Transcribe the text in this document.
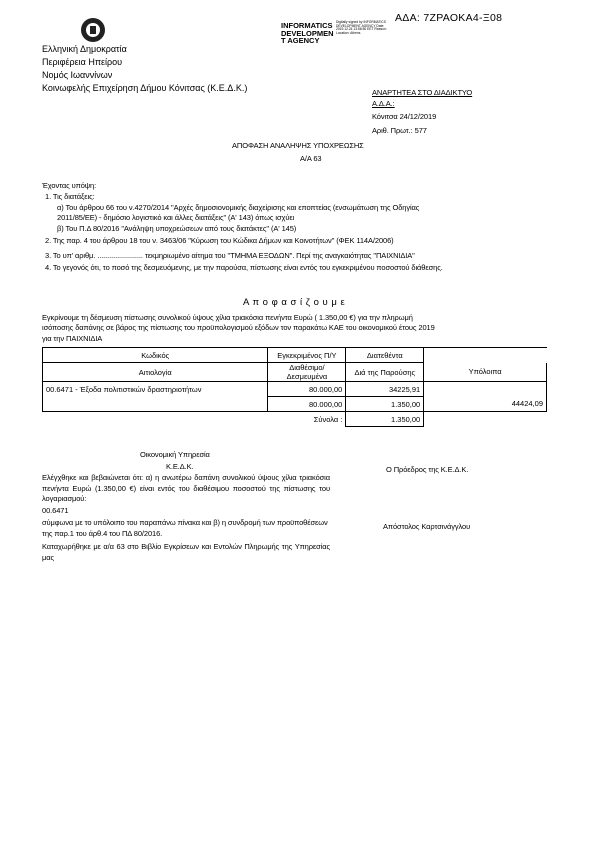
ΑΔΑ: 7ΖΡΑΟΚΑ4-Ξ08
INFORMATICS
DEVELOPMEN
T AGENCY
Digitally signed by INFORMATICS DEVELOPMENT AGENCY Date: 2019.12.24 13:58:50 EET Reason: Location: Athens
Ελληνική Δημοκρατία
Περιφέρεια Ηπείρου
Νομός Ιωαννίνων
Κοινωφελής Επιχείρηση Δήμου Κόνιτσας (Κ.Ε.Δ.Κ.)	ΑΝΑΡΤΗΤΕΑ ΣΤΟ ΔΙΑΔΙΚΤΥΟ
Α.Δ.Α.:
Κόνιτσα 24/12/2019
Αριθ. Πρωτ.: 577
ΑΠΟΦΑΣΗ ΑΝΑΛΗΨΗΣ ΥΠΟΧΡΕΩΣΗΣ
Α/Α 63
Έχοντας υπόψη:
1. Τις διατάξεις:
α) Του άρθρου 66 του ν.4270/2014 "Αρχές δημοσιονομικής διαχείρισης και εποπτείας (ενσωμάτωση της Οδηγίας
2011/85/ΕΕ) - δημόσιο λογιστικό και άλλες διατάξεις" (Α' 143) όπως ισχύει
β) Του Π.Δ 80/2016 "Ανάληψη υποχρεώσεων από τους διατάκτες" (Α' 145)
2. Της παρ. 4 του άρθρου 18 του ν. 3463/06 "Κύρωση του Κώδικα Δήμων και Κοινοτήτων" (ΦΕΚ 114Α/2006)
3. Το υπ' αριθμ. ....................... τεκμηριωμένο αίτημα του "ΤΜΗΜΑ ΕΞΟΔΩΝ". Περί της αναγκαιότητας "ΠΑΙΧΝΙΔΙΑ"
4. Το γεγονός ότι, το ποσό της δεσμευόμενης, με την παρούσα, πίστωσης είναι εντός του εγκεκριμένου ποσοστού διάθεσης.
Α π ο φ α σ ί ζ ο υ μ ε
Εγκρίνουμε τη δέσμευση πίστωσης συνολικού ύψους χίλια τριακόσια πενήντα Ευρώ ( 1.350,00 €) για την πληρωμή
ισόποσης δαπάνης σε βάρος της πίστωσης του προϋπολογισμού εξόδων τον παρακάτω ΚΑΕ του οικονομικού έτους 2019
για την ΠΑΙΧΝΙΔΙΑ
Κωδικός	Εγκεκριμένος Π/Υ	Διατεθέντα	
Αιτιολογία	Διαθέσιμο/Δεσμευμένα	Διά της Παρούσης	Υπόλοιπα
00.6471 - Έξοδα πολιτιστικών δραστηριοτήτων	80.000,00	34225,91	
	80.000,00	1.350,00	44424,09
	Σύνολα :	1.350,00	
Οικονομική Υπηρεσία
Κ.Ε.Δ.Κ.
Ελέγχθηκε και βεβαιώνεται ότι: α) η ανωτέρω δαπάνη συνολικού ύψους χίλια τριακόσια πενήντα Ευρώ (1.350,00 €) είναι εντός του διαθέσιμου ποσοστού της πίστωσης του λογαριασμού:
00.6471
σύμφωνα με το υπόλοιπο του παραπάνω πίνακα και β) η συνδρομή των προϋποθέσεων της παρ.1 του άρθ.4 του ΠΔ 80/2016.
Καταχωρήθηκε με α/α 63 στο Βιβλίο Εγκρίσεων και Εντολών Πληρωμής της Υπηρεσίας μας
Ο Πρόεδρος της Κ.Ε.Δ.Κ.
Απόστολος Καρτσινάγγλου
